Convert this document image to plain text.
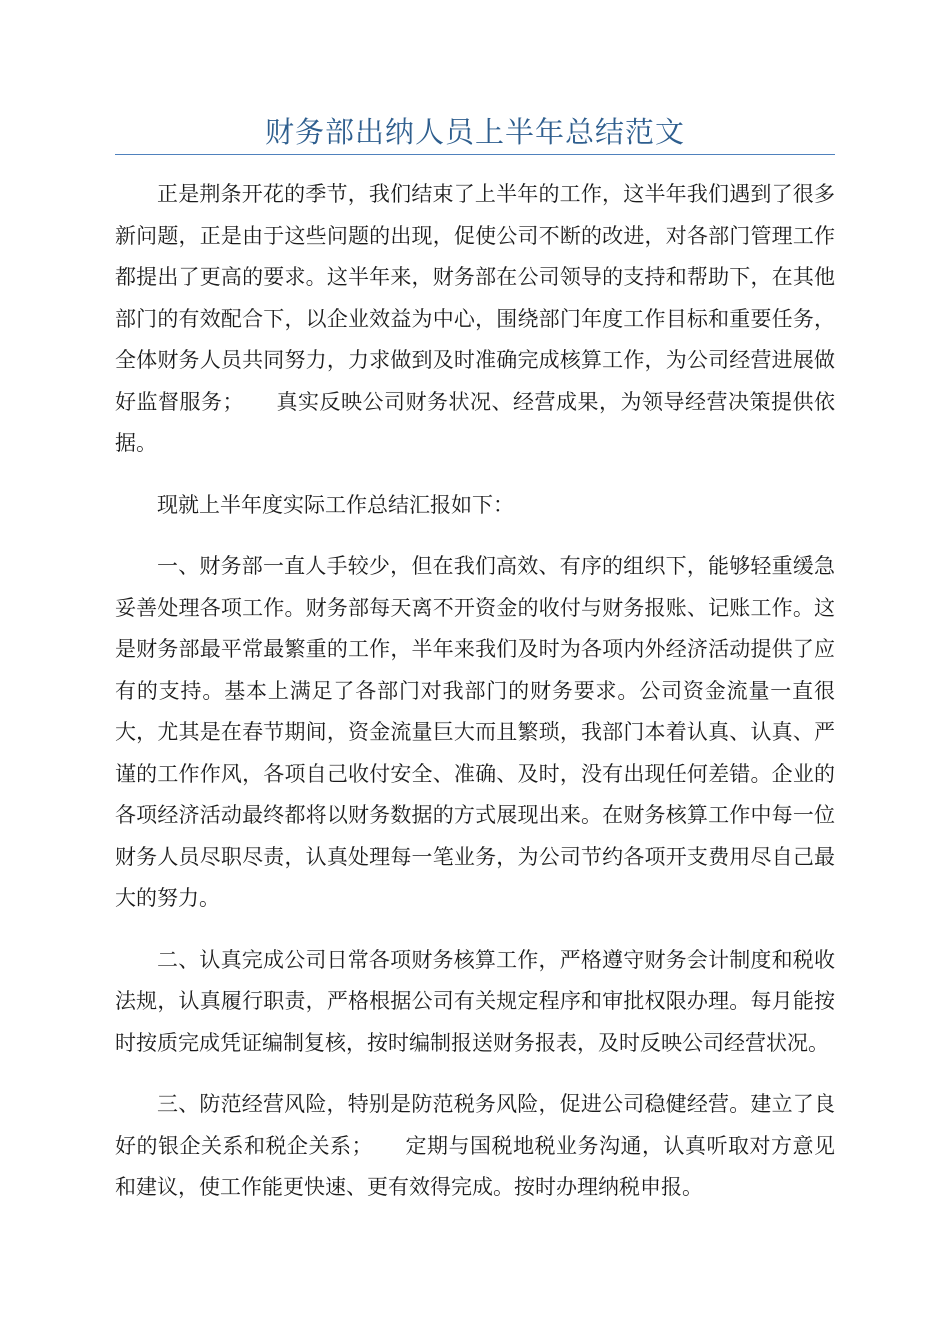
财务部出纳人员上半年总结范文

正是荆条开花的季节，我们结束了上半年的工作，这半年我们遇到了很多新问题，正是由于这些问题的出现，促使公司不断的改进，对各部门管理工作都提出了更高的要求。这半年来，财务部在公司领导的支持和帮助下，在其他部门的有效配合下，以企业效益为中心，围绕部门年度工作目标和重要任务，全体财务人员共同努力，力求做到及时准确完成核算工作，为公司经营进展做好监督服务；　　真实反映公司财务状况、经营成果，为领导经营决策提供依据。

现就上半年度实际工作总结汇报如下：

一、财务部一直人手较少，但在我们高效、有序的组织下，能够轻重缓急妥善处理各项工作。财务部每天离不开资金的收付与财务报账、记账工作。这是财务部最平常最繁重的工作，半年来我们及时为各项内外经济活动提供了应有的支持。基本上满足了各部门对我部门的财务要求。公司资金流量一直很大，尤其是在春节期间，资金流量巨大而且繁琐，我部门本着认真、认真、严谨的工作作风，各项自己收付安全、准确、及时，没有出现任何差错。企业的各项经济活动最终都将以财务数据的方式展现出来。在财务核算工作中每一位财务人员尽职尽责，认真处理每一笔业务，为公司节约各项开支费用尽自己最大的努力。

二、认真完成公司日常各项财务核算工作，严格遵守财务会计制度和税收法规，认真履行职责，严格根据公司有关规定程序和审批权限办理。每月能按时按质完成凭证编制复核，按时编制报送财务报表，及时反映公司经营状况。

三、防范经营风险，特别是防范税务风险，促进公司稳健经营。建立了良好的银企关系和税企关系；　　定期与国税地税业务沟通，认真听取对方意见和建议，使工作能更快速、更有效得完成。按时办理纳税申报。
